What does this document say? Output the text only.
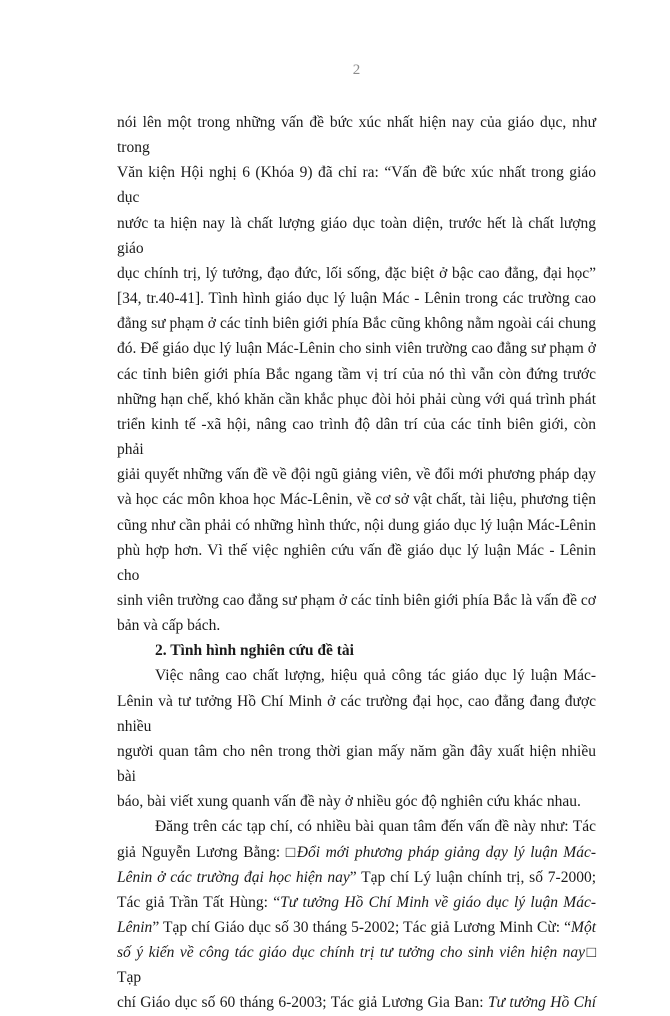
2
nói lên một trong những vấn đề bức xúc nhất hiện nay của giáo dục, như trong
Văn kiện Hội nghị 6 (Khóa 9) đã chỉ ra: “Vấn đề bức xúc nhất trong giáo dục
nước ta hiện nay là chất lượng giáo dục toàn diện, trước hết là chất lượng giáo
dục chính trị, lý tưởng, đạo đức, lối sống, đặc biệt ở bậc cao đẳng, đại học”
[34, tr.40-41]. Tình hình giáo dục lý luận Mác - Lênin trong các trường cao
đẳng sư phạm ở các tỉnh biên giới phía Bắc cũng không nằm ngoài cái chung
đó. Để giáo dục lý luận Mác-Lênin cho sinh viên trường cao đẳng sư phạm ở
các tỉnh biên giới phía Bắc ngang tầm vị trí của nó thì vẫn còn đứng trước
những hạn chế, khó khăn cần khắc phục đòi hỏi phải cùng với quá trình phát
triển kinh tế -xã hội, nâng cao trình độ dân trí của các tỉnh biên giới, còn phải
giải quyết những vấn đề về đội ngũ giảng viên, về đổi mới phương pháp dạy
và học các môn khoa học Mác-Lênin, về cơ sở vật chất, tài liệu, phương tiện
cũng như cần phải có những hình thức, nội dung giáo dục lý luận Mác-Lênin
phù hợp hơn. Vì thế việc nghiên cứu vấn đề giáo dục lý luận Mác - Lênin cho
sinh viên trường cao đẳng sư phạm ở các tỉnh biên giới phía Bắc là vấn đề cơ
bản và cấp bách.
2. Tình hình nghiên cứu đề tài
Việc nâng cao chất lượng, hiệu quả công tác giáo dục lý luận Mác-
Lênin và tư tưởng Hồ Chí Minh ở các trường đại học, cao đẳng đang được nhiều
người quan tâm cho nên trong thời gian mấy năm gần đây xuất hiện nhiều bài
báo, bài viết xung quanh vấn đề này ở nhiều góc độ nghiên cứu khác nhau.
Đăng trên các tạp chí, có nhiều bài quan tâm đến vấn đề này như: Tác
giả Nguyễn Lương Bằng: □Đổi mới phương pháp giảng dạy lý luận Mác-
Lênin ở các trường đại học hiện nay” Tạp chí Lý luận chính trị, số 7-2000;
Tác giả Trần Tất Hùng: “Tư tưởng Hồ Chí Minh về giáo dục lý luận Mác-
Lênin” Tạp chí Giáo dục số 30 tháng 5-2002; Tác giả Lương Minh Cừ: “Một
số ý kiến về công tác giáo dục chính trị tư tưởng cho sinh viên hiện nay□ Tạp
chí Giáo dục số 60 tháng 6-2003; Tác giả Lương Gia Ban: Tư tưởng Hồ Chí
